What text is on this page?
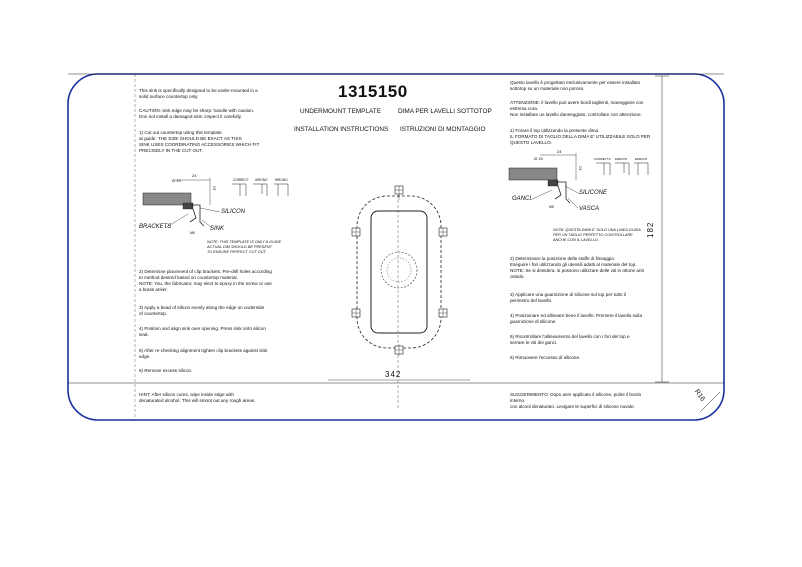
1315150
UNDERMOUNT TEMPLATE
INSTALLATION INSTRUCTIONS
DIMA PER LAVELLI SOTTOTOP
ISTRUZIONI DI MONTAGGIO
342
182
R16
24
Ø 15
10
24
Ø 15
10
This sink is specifically designed to be under-mounted in a
solid surface countertop only.
CAUTION: sink edge may be sharp: handle with caution.
Don not install a damaged sink: inspect it carefully.
1) Cut out countertop using this template
at guide. THE SIZE SHOULD BE EXACT AS THIS
SINK USES COORDINATING ACCESSORIES WHICH FIT
PRECISELY IN THE CUT OUT.
SILICON
BRACKETS	SINK
MK
CORRECT WRONG WRONG
NOTE: THIS TEMPLATE IS ONLY A GUIDE
ACTUAL DIM SHOULD BE PRESENT
TO ENSURE PERFECT CUT OUT.
2) Determine placement of clip brackets. Pre-drill holes according
to method desired based on countertop material.
NOTE: You, the fabricator, may elect to epoxy in the screw or use
a brass anker.
3) Apply a bead of silicon evenly along the edge on underside
of countertop.
4) Position and align sink over opening. Press sink onto silicon
seal.
5) After re-checking alignment tighten clip brackets against sink
edge.
6) Remove excess silicon.
HINT: After silicon cures, wipe inside edge with
denaturated alcohol. This will smoot out any rough areas.
Questo lavello è progettato esclusivamente per essere installato
sottotop su un materiale non poroso.
ATTENZIONE: il lavello può avere bordi taglienti, maneggiare con
estrema cura.
Non installare un lavello danneggiato, controllare con attenzione.
1) Forare il top utilizzando la presente dima.
IL FORMATO DI TAGLIO DELLA DIMA E' UTILIZZABILE SOLO PER
QUESTO LAVELLO.
SILICONE
GANCI
VASCA
MK
CORRETTO ERRATO	ERRATO
NOTA: QUESTA DIMA E' SOLO UNA LINEA GUIDA
PER UN TAGLIO PERFETTO CONTROLLARE
ANCHE CON IL LAVELLO.
2) Determinare la posizione delle staffe di fissaggio.
Eseguire i fori utilizzando gli utensili adatti al materiale del top.
NOTE: Se si desidera, si possono utilizzare delle viti in ottone anti
ossido.
3) Applicare una guarnizione di silicone sul top per tutto il
perimetro del lavello.
4) Posizionare ed allineare bene il lavello. Premere il lavello sulla
guarnizione di silicone.
5) Ricontrollare l'allineamento del lavello con i fori del top e
serrare le viti dei ganci.
6) Rimuovere l'eccesso di silicone.
SUGGERIMENTO: Dopo aver applicato il silicone, pulire il bordo
interno
con alcool denaturato. Levigare le superfici di silicone nuvide.
